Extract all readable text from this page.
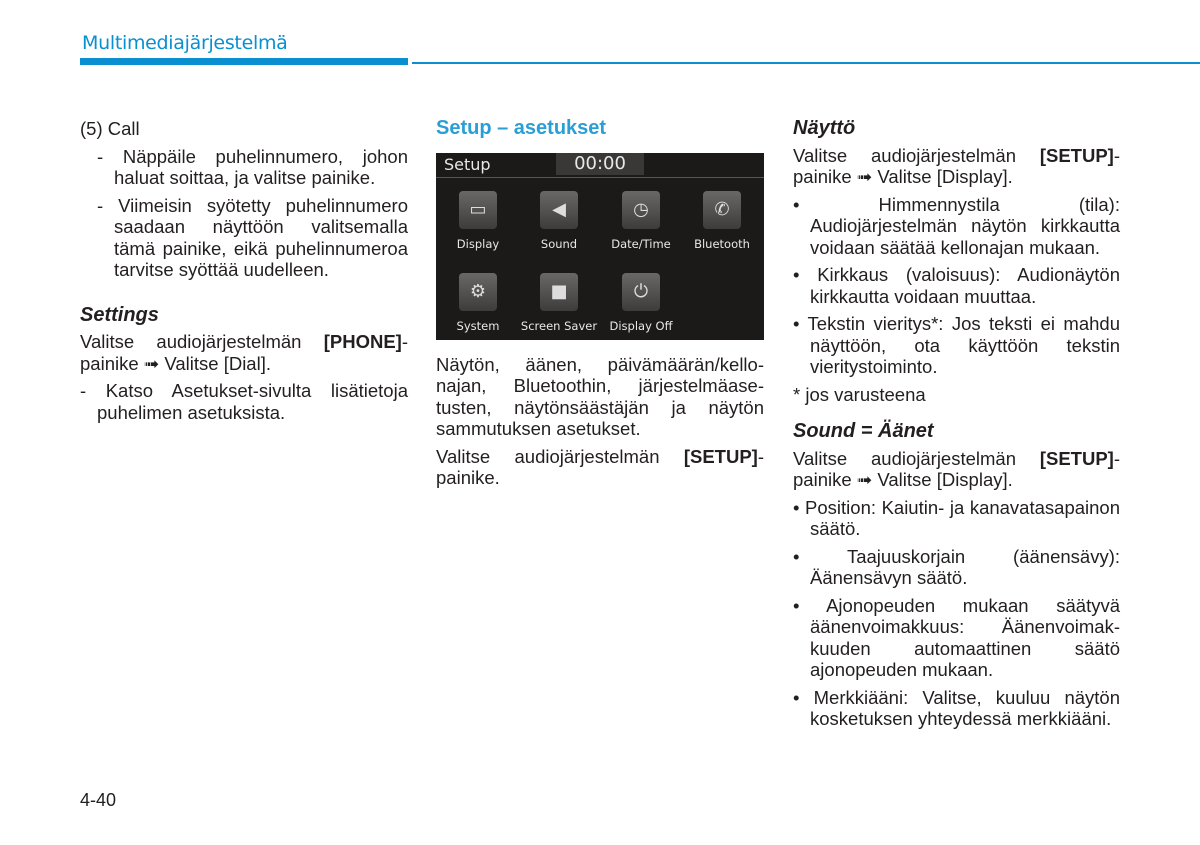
Multimediajärjestelmä

(5) Call

- Näppäile puhelinnumero, johon haluat soittaa, ja valitse painike.

- Viimeisin syötetty puhelinnumero saadaan näyttöön valitsemalla tämä painike, eikä puhelinnumeroa tarvitse syöttää uudelleen.

Settings

Valitse audiojärjestelmän [PHONE]-painike ➟ Valitse [Dial].

- Katso Asetukset-sivulta lisätietoja puhelimen asetuksista.

Setup – asetukset

Setup	00:00
▭
Display
◀
Sound
◷
Date/Time
✆
Bluetooth
⚙
System
■
Screen Saver
⏻
Display Off

Näytön, äänen, päivämäärän/kellonajan, Bluetoothin, järjestelmäasetusten, näytönsäästäjän ja näytön sammutuksen asetukset.

Valitse audiojärjestelmän [SETUP]-painike.

Näyttö

Valitse audiojärjestelmän [SETUP]-painike ➟ Valitse [Display].

• Himmennystila (tila): Audiojärjestelmän näytön kirkkautta voidaan säätää kellonajan mukaan.

• Kirkkaus (valoisuus): Audionäytön kirkkautta voidaan muuttaa.

• Tekstin vieritys*: Jos teksti ei mahdu näyttöön, ota käyttöön tekstin vieritystoiminto.

* jos varusteena

Sound = Äänet

Valitse audiojärjestelmän [SETUP]-painike ➟ Valitse [Display].

• Position: Kaiutin- ja kanavatasapainon säätö.

• Taajuuskorjain (äänensävy): Äänensävyn säätö.

• Ajonopeuden mukaan säätyvä äänenvoimakkuus: Äänenvoimakkuuden automaattinen säätö ajonopeuden mukaan.

• Merkkiääni: Valitse, kuuluu näytön kosketuksen yhteydessä merkkiääni.

4-40
